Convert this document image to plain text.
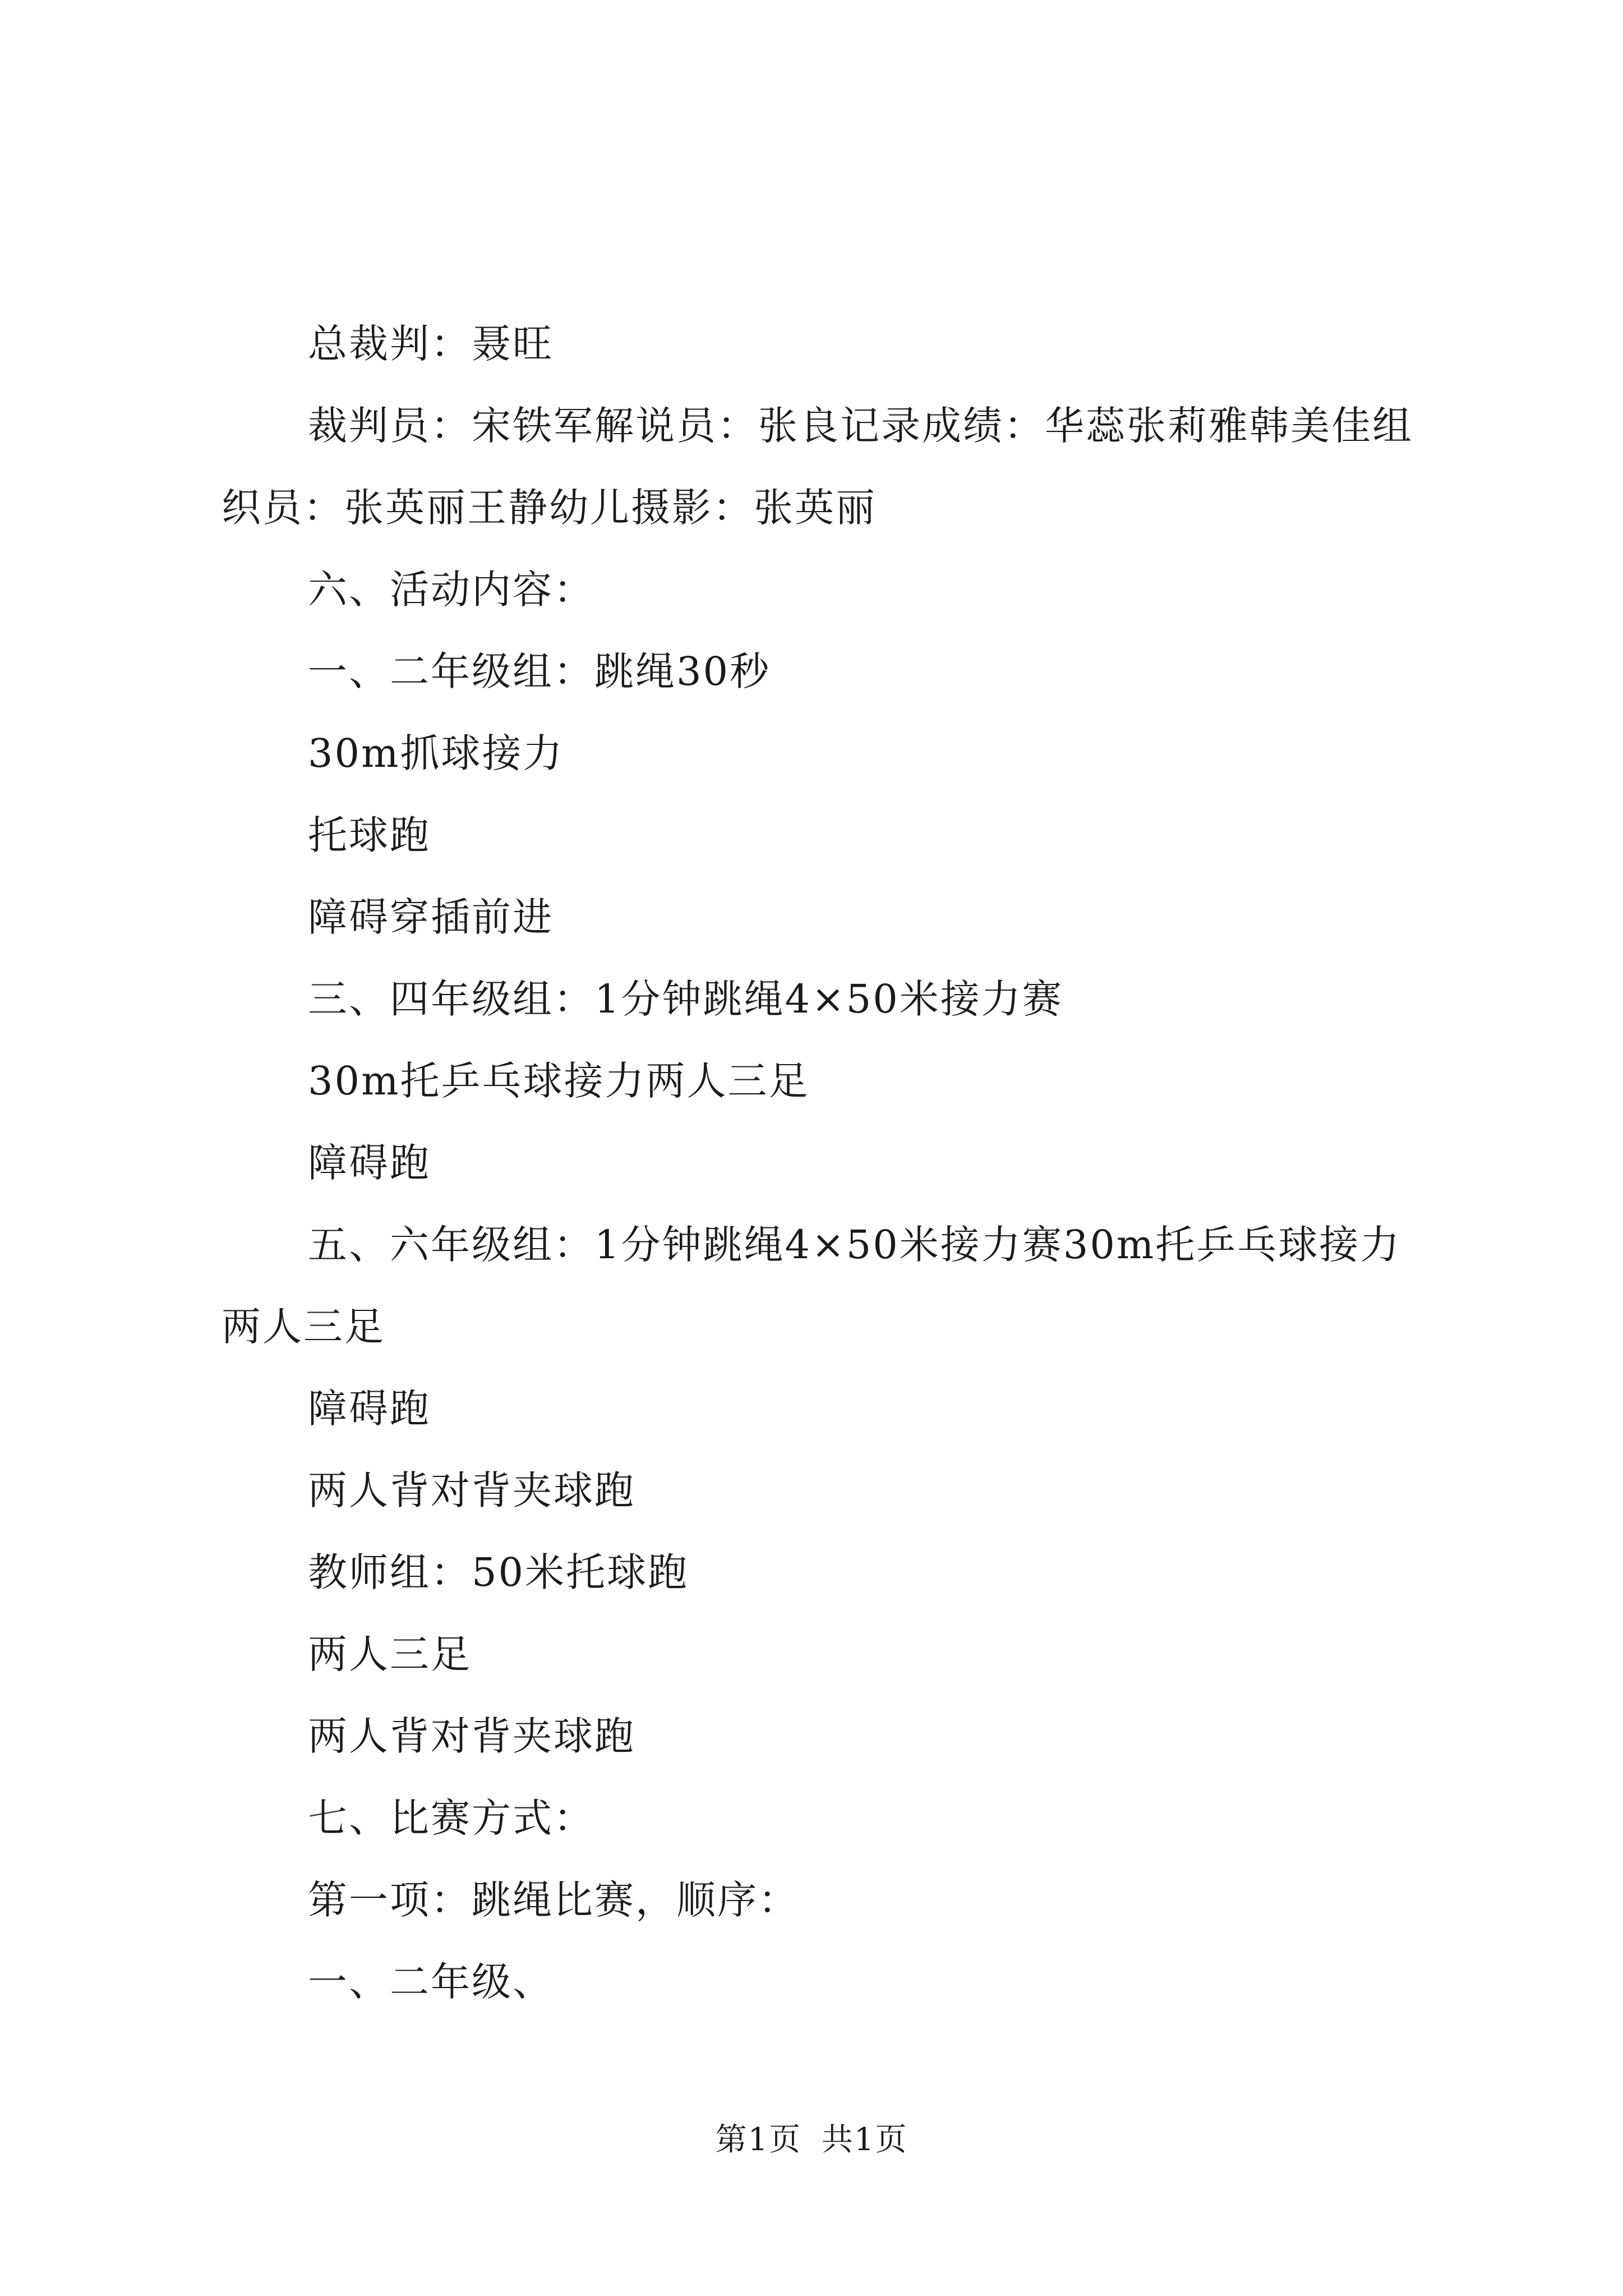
总裁判：聂旺

裁判员：宋铁军解说员：张良记录成绩：华蕊张莉雅韩美佳组织员：张英丽王静幼儿摄影：张英丽

六、活动内容：

一、二年级组：跳绳30秒

30m抓球接力

托球跑

障碍穿插前进

三、四年级组：1分钟跳绳4×50米接力赛

30m托乒乓球接力两人三足

障碍跑

五、六年级组：1分钟跳绳4×50米接力赛30m托乒乓球接力两人三足

障碍跑

两人背对背夹球跑

教师组：50米托球跑

两人三足

两人背对背夹球跑

七、比赛方式：

第一项：跳绳比赛，顺序：

一、二年级、

第1页 共1页
